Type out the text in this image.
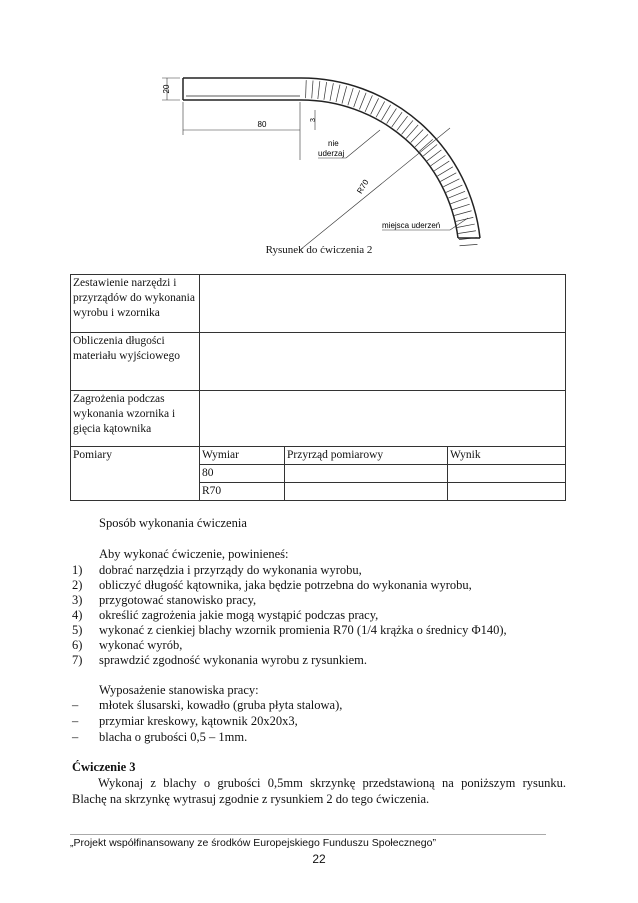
20
80	3
R70
nie
uderzaj
miejsca uderzeń
Rysunek do ćwiczenia 2
Zestawienie narzędzi i przyrządów do wykonania wyrobu i wzornika			
Obliczenia długości materiału wyjściowego			
Zagrożenia podczas wykonania wzornika i gięcia kątownika			
Pomiary	Wymiar	Przyrząd pomiarowy	Wynik
	80		
	R70		
Sposób wykonania ćwiczenia
Aby wykonać ćwiczenie, powinieneś:
1) dobrać narzędzia i przyrządy do wykonania wyrobu,
2) obliczyć długość kątownika, jaka będzie potrzebna do wykonania wyrobu,
3) przygotować stanowisko pracy,
4) określić zagrożenia jakie mogą wystąpić podczas pracy,
5) wykonać z cienkiej blachy wzornik promienia R70 (1/4 krążka o średnicy Φ140),
6) wykonać wyrób,
7) sprawdzić zgodność wykonania wyrobu z rysunkiem.
Wyposażenie stanowiska pracy:
– młotek ślusarski, kowadło (gruba płyta stalowa),
– przymiar kreskowy, kątownik 20x20x3,
– blacha o grubości 0,5 – 1mm.
Ćwiczenie 3
Wykonaj z blachy o grubości 0,5mm skrzynkę przedstawioną na poniższym rysunku.
Blachę na skrzynkę wytrasuj zgodnie z rysunkiem 2 do tego ćwiczenia.
„Projekt współfinansowany ze środków Europejskiego Funduszu Społecznego”
22
